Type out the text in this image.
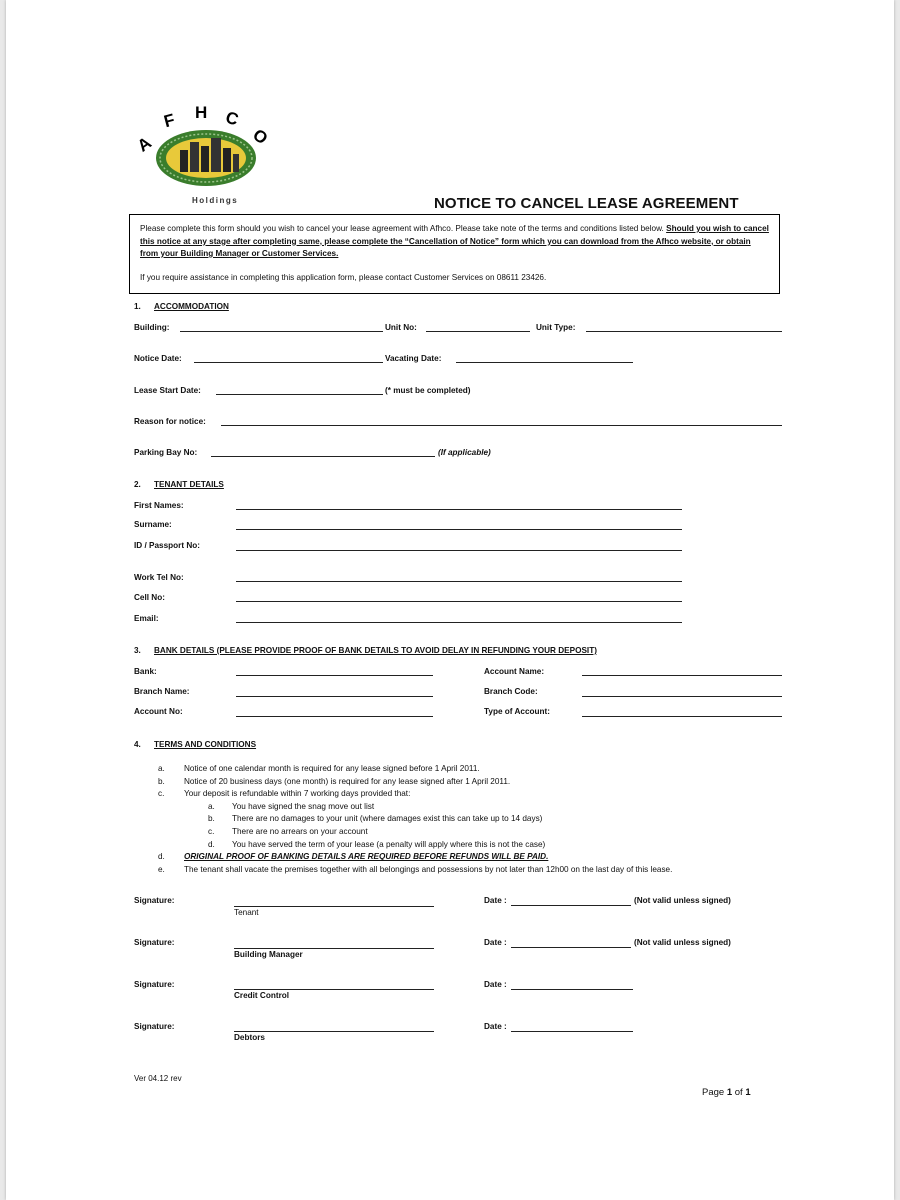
A
F H C
O
Holdings	NOTICE TO CANCEL LEASE AGREEMENT

Please complete this form should you wish to cancel your lease agreement with Afhco. Please take note of the terms and conditions listed below. Should you wish to cancel this notice at any stage after completing same, please complete the “Cancellation of Notice” form which you can download from the Afhco website, or obtain from your Building Manager or Customer Services.

If you require assistance in completing this application form, please contact Customer Services on 08611 23426.

1. ACCOMMODATION
Building:	Unit No:	Unit Type:
Notice Date:	Vacating Date:
Lease Start Date:	(* must be completed)
Reason for notice:
Parking Bay No:	(If applicable)
2. TENANT DETAILS
First Names:
Surname:
ID / Passport No:
Work Tel No:
Cell No:
Email:
3. BANK DETAILS (PLEASE PROVIDE PROOF OF BANK DETAILS TO AVOID DELAY IN REFUNDING YOUR DEPOSIT)
Bank:	Account Name:
Branch Name:	Branch Code:
Account No:	Type of Account:
4. TERMS AND CONDITIONS
a. Notice of one calendar month is required for any lease signed before 1 April 2011.
b. Notice of 20 business days (one month) is required for any lease signed after 1 April 2011.
c. Your deposit is refundable within 7 working days provided that:
a. You have signed the snag move out list
b. There are no damages to your unit (where damages exist this can take up to 14 days)
c. There are no arrears on your account
d. You have served the term of your lease (a penalty will apply where this is not the case)
d. ORIGINAL PROOF OF BANKING DETAILS ARE REQUIRED BEFORE REFUNDS WILL BE PAID.
e. The tenant shall vacate the premises together with all belongings and possessions by not later than 12h00 on the last day of this lease.
Signature:
Tenant
Date :	(Not valid unless signed)
Signature:
Building Manager
Date :	(Not valid unless signed)
Signature:
Credit Control
Date :
Signature:
Debtors
Date :
Ver 04.12 rev
Page 1 of 1
